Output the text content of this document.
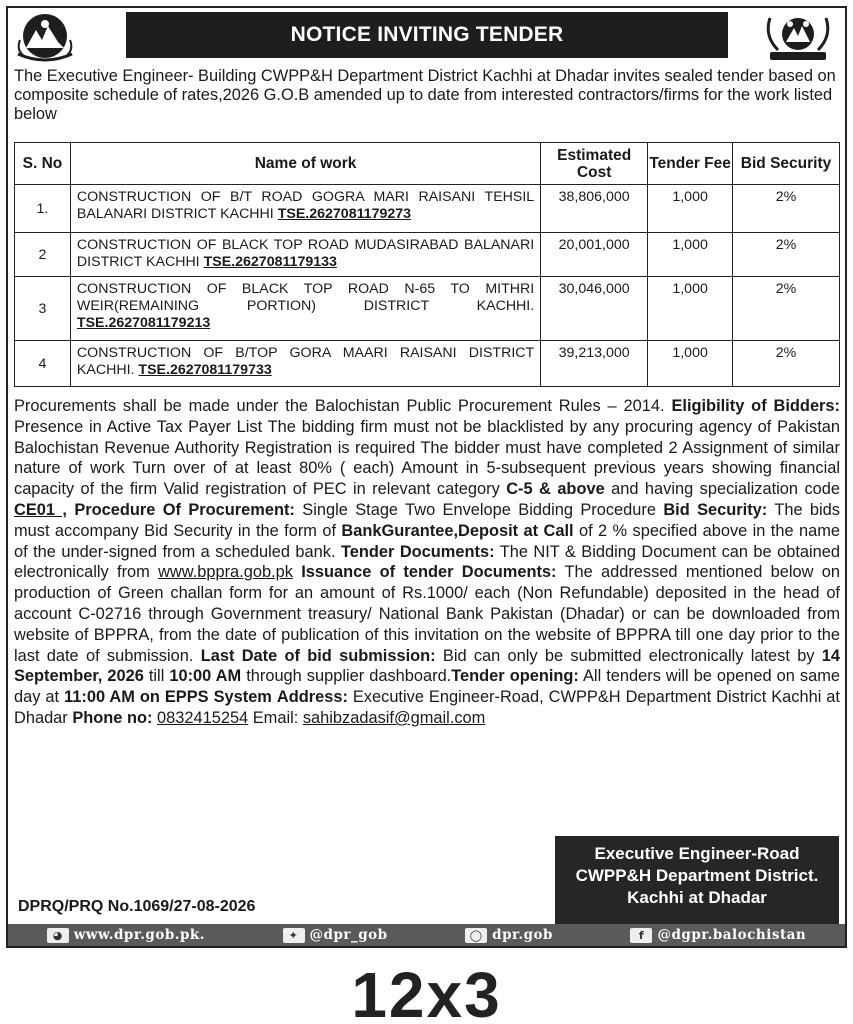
NOTICE INVITING TENDER

The Executive Engineer- Building CWPP&H Department District Kachhi at Dhadar invites sealed tender based on composite schedule of rates,2026 G.O.B amended up to date from interested contractors/firms for the work listed below

S. No	Name of work	Estimated Cost	Tender Fee	Bid Security
1.	CONSTRUCTION OF B/T ROAD GOGRA MARI RAISANI TEHSIL BALANARI DISTRICT KACHHI TSE.2627081179273	38,806,000	1,000	2%
2	CONSTRUCTION OF BLACK TOP ROAD MUDASIRABAD BALANARI DISTRICT KACHHI TSE.2627081179133	20,001,000	1,000	2%
3	CONSTRUCTION OF BLACK TOP ROAD N-65 TO MITHRI WEIR(REMAINING PORTION) DISTRICT KACHHI. TSE.2627081179213	30,046,000	1,000	2%
4	CONSTRUCTION OF B/TOP GORA MAARI RAISANI DISTRICT KACHHI. TSE.2627081179733	39,213,000	1,000	2%

Procurements shall be made under the Balochistan Public Procurement Rules – 2014. Eligibility of Bidders: Presence in Active Tax Payer List The bidding firm must not be blacklisted by any procuring agency of Pakistan Balochistan Revenue Authority Registration is required The bidder must have completed 2 Assignment of similar nature of work Turn over of at least 80% ( each) Amount in 5-subsequent previous years showing financial capacity of the firm Valid registration of PEC in relevant category C-5 & above and having specialization code CE01 , Procedure Of Procurement: Single Stage Two Envelope Bidding Procedure Bid Security: The bids must accompany Bid Security in the form of BankGurantee,Deposit at Call of 2 % specified above in the name of the under-signed from a scheduled bank. Tender Documents: The NIT & Bidding Document can be obtained electronically from www.bppra.gob.pk Issuance of tender Documents: The addressed mentioned below on production of Green challan form for an amount of Rs.1000/ each (Non Refundable) deposited in the head of account C-02716 through Government treasury/ National Bank Pakistan (Dhadar) or can be downloaded from website of BPPRA, from the date of publication of this invitation on the website of BPPRA till one day prior to the last date of submission. Last Date of bid submission: Bid can only be submitted electronically latest by 14 September, 2026 till 10:00 AM through supplier dashboard.Tender opening: All tenders will be opened on same day at 11:00 AM on EPPS System Address: Executive Engineer-Road, CWPP&H Department District Kachhi at Dhadar Phone no: 0832415254 Email: sahibzadasif@gmail.com

Executive Engineer-Road
CWPP&H Department District.
Kachhi at Dhadar
DPRQ/PRQ No.1069/27-08-2026
◕ www.dpr.gob.pk.	✦ @dpr_gob	◯ dpr.gob	f @dgpr.balochistan
12x3
